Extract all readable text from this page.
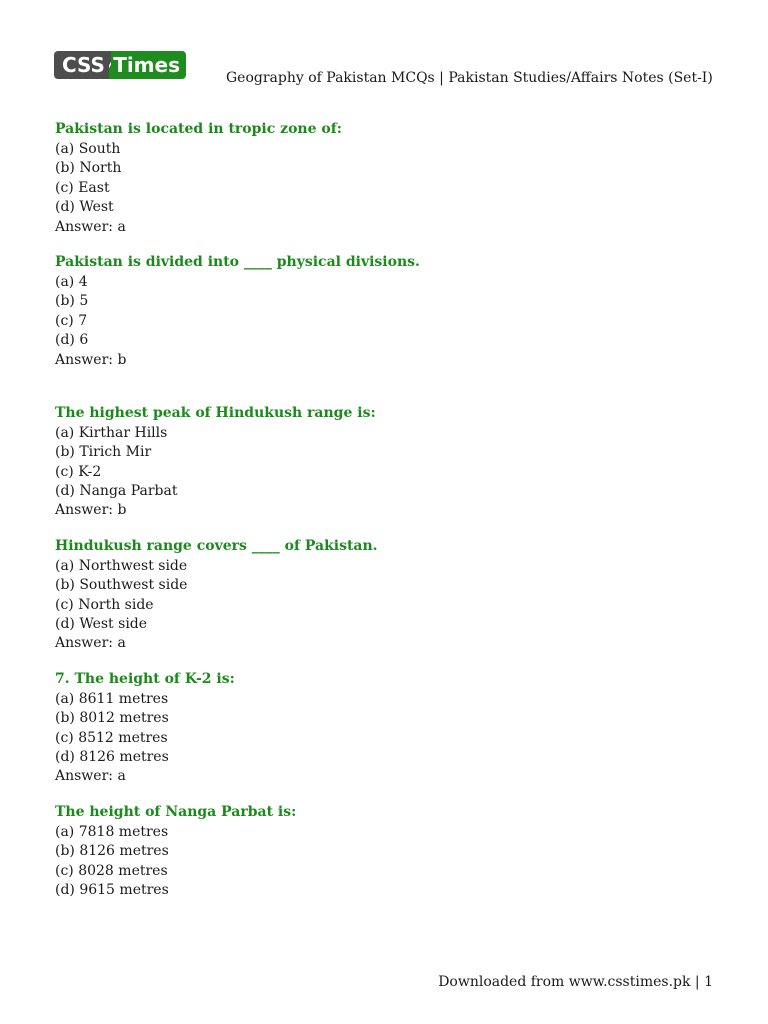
CSS Times
Geography of Pakistan MCQs | Pakistan Studies/Affairs Notes (Set-I)
Pakistan is located in tropic zone of:
(a) South
(b) North
(c) East
(d) West
Answer: a
Pakistan is divided into ____ physical divisions.
(a) 4
(b) 5
(c) 7
(d) 6
Answer: b
The highest peak of Hindukush range is:
(a) Kirthar Hills
(b) Tirich Mir
(c) K-2
(d) Nanga Parbat
Answer: b
Hindukush range covers ____ of Pakistan.
(a) Northwest side
(b) Southwest side
(c) North side
(d) West side
Answer: a
7. The height of K-2 is:
(a) 8611 metres
(b) 8012 metres
(c) 8512 metres
(d) 8126 metres
Answer: a
The height of Nanga Parbat is:
(a) 7818 metres
(b) 8126 metres
(c) 8028 metres
(d) 9615 metres
Downloaded from www.csstimes.pk | 1
